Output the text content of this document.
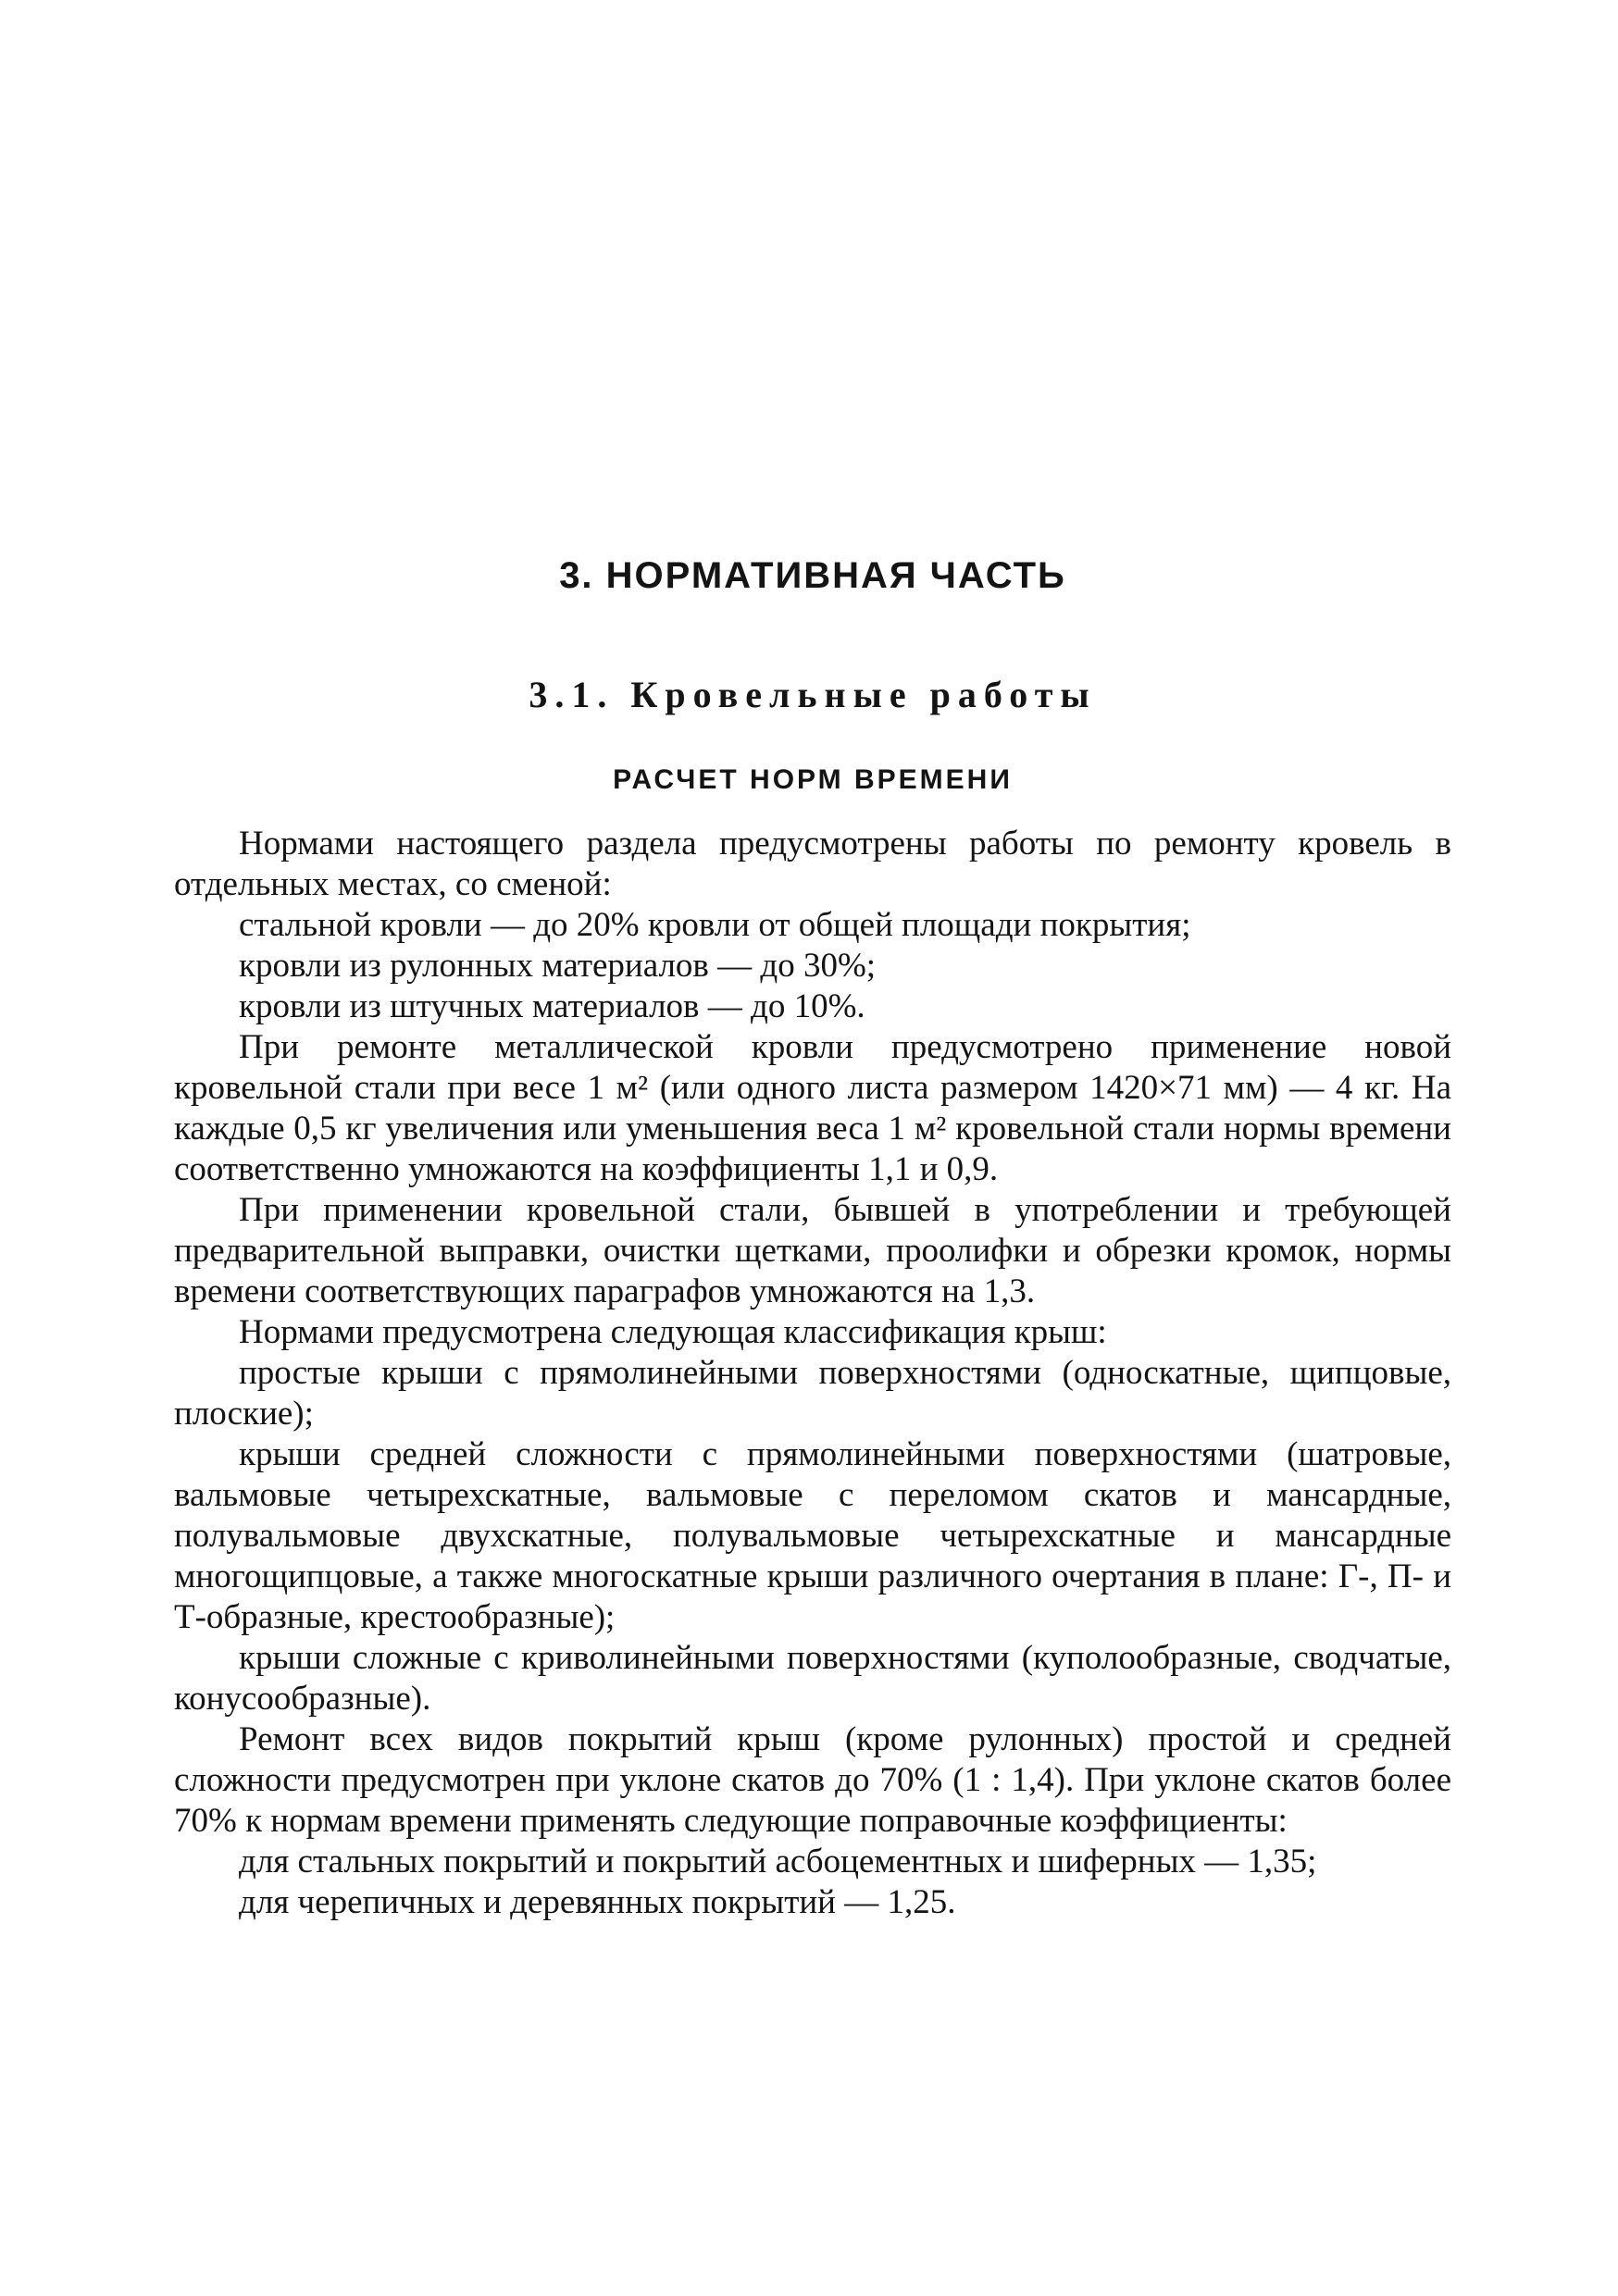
3. НОРМАТИВНАЯ ЧАСТЬ
3.1. Кровельные работы
РАСЧЕТ НОРМ ВРЕМЕНИ

Нормами настоящего раздела предусмотрены работы по ремонту кровель в отдельных местах, со сменой:

стальной кровли — до 20% кровли от общей площади покрытия;

кровли из рулонных материалов — до 30%;

кровли из штучных материалов — до 10%.

При ремонте металлической кровли предусмотрено применение новой кровельной стали при весе 1 м² (или одного листа размером 1420×71 мм) — 4 кг. На каждые 0,5 кг увеличения или уменьшения веса 1 м² кровельной стали нормы времени соответственно умножаются на коэффициенты 1,1 и 0,9.

При применении кровельной стали, бывшей в употреблении и требующей предварительной выправки, очистки щетками, проолифки и обрезки кромок, нормы времени соответствующих параграфов умножаются на 1,3.

Нормами предусмотрена следующая классификация крыш:

простые крыши с прямолинейными поверхностями (односкатные, щипцовые, плоские);

крыши средней сложности с прямолинейными поверхностями (шатровые, вальмовые четырехскатные, вальмовые с переломом скатов и мансардные, полувальмовые двухскатные, полувальмовые четырехскатные и мансардные многощипцовые, а также многоскатные крыши различного очертания в плане: Г-, П- и Т-образные, крестообразные);

крыши сложные с криволинейными поверхностями (куполообразные, сводчатые, конусообразные).

Ремонт всех видов покрытий крыш (кроме рулонных) простой и средней сложности предусмотрен при уклоне скатов до 70% (1 : 1,4). При уклоне скатов более 70% к нормам времени применять следующие поправочные коэффициенты:

для стальных покрытий и покрытий асбоцементных и шиферных — 1,35;

для черепичных и деревянных покрытий — 1,25.
